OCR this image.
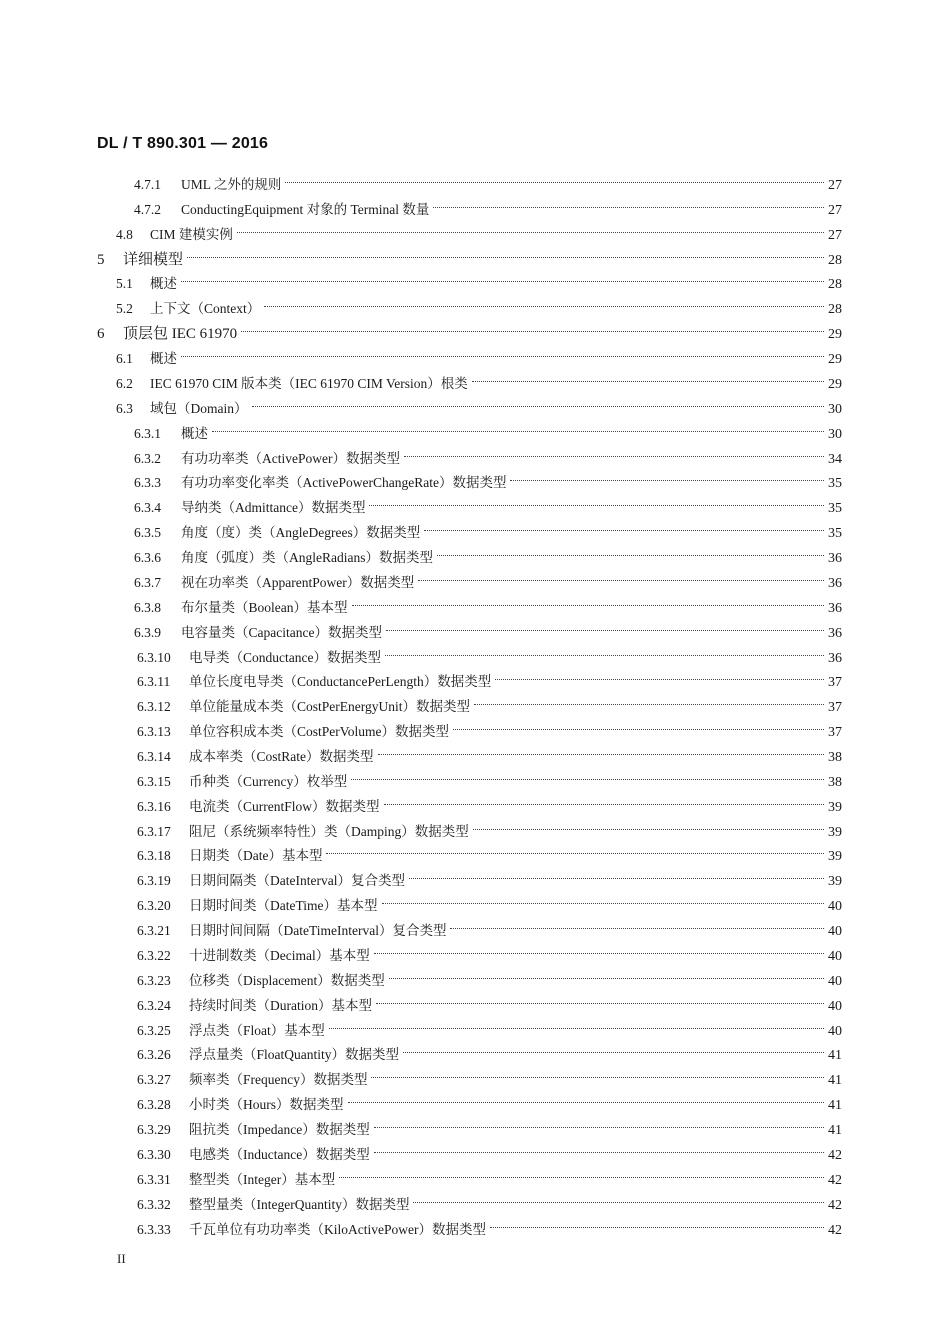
DL / T 890.301 — 2016
4.7.1	UML 之外的规则	27
4.7.2	ConductingEquipment 对象的 Terminal 数量	27
4.8	CIM 建模实例	27
5	详细模型	28
5.1	概述	28
5.2	上下文（Context）	28
6	顶层包 IEC 61970	29
6.1	概述	29
6.2	IEC 61970 CIM 版本类（IEC 61970 CIM Version）根类	29
6.3	域包（Domain）	30
6.3.1	概述	30
6.3.2	有功功率类（ActivePower）数据类型	34
6.3.3	有功功率变化率类（ActivePowerChangeRate）数据类型	35
6.3.4	导纳类（Admittance）数据类型	35
6.3.5	角度（度）类（AngleDegrees）数据类型	35
6.3.6	角度（弧度）类（AngleRadians）数据类型	36
6.3.7	视在功率类（ApparentPower）数据类型	36
6.3.8	布尔量类（Boolean）基本型	36
6.3.9	电容量类（Capacitance）数据类型	36
6.3.10	电导类（Conductance）数据类型	36
6.3.11	单位长度电导类（ConductancePerLength）数据类型	37
6.3.12	单位能量成本类（CostPerEnergyUnit）数据类型	37
6.3.13	单位容积成本类（CostPerVolume）数据类型	37
6.3.14	成本率类（CostRate）数据类型	38
6.3.15	币种类（Currency）枚举型	38
6.3.16	电流类（CurrentFlow）数据类型	39
6.3.17	阻尼（系统频率特性）类（Damping）数据类型	39
6.3.18	日期类（Date）基本型	39
6.3.19	日期间隔类（DateInterval）复合类型	39
6.3.20	日期时间类（DateTime）基本型	40
6.3.21	日期时间间隔（DateTimeInterval）复合类型	40
6.3.22	十进制数类（Decimal）基本型	40
6.3.23	位移类（Displacement）数据类型	40
6.3.24	持续时间类（Duration）基本型	40
6.3.25	浮点类（Float）基本型	40
6.3.26	浮点量类（FloatQuantity）数据类型	41
6.3.27	频率类（Frequency）数据类型	41
6.3.28	小时类（Hours）数据类型	41
6.3.29	阻抗类（Impedance）数据类型	41
6.3.30	电感类（Inductance）数据类型	42
6.3.31	整型类（Integer）基本型	42
6.3.32	整型量类（IntegerQuantity）数据类型	42
6.3.33	千瓦单位有功功率类（KiloActivePower）数据类型	42
II
